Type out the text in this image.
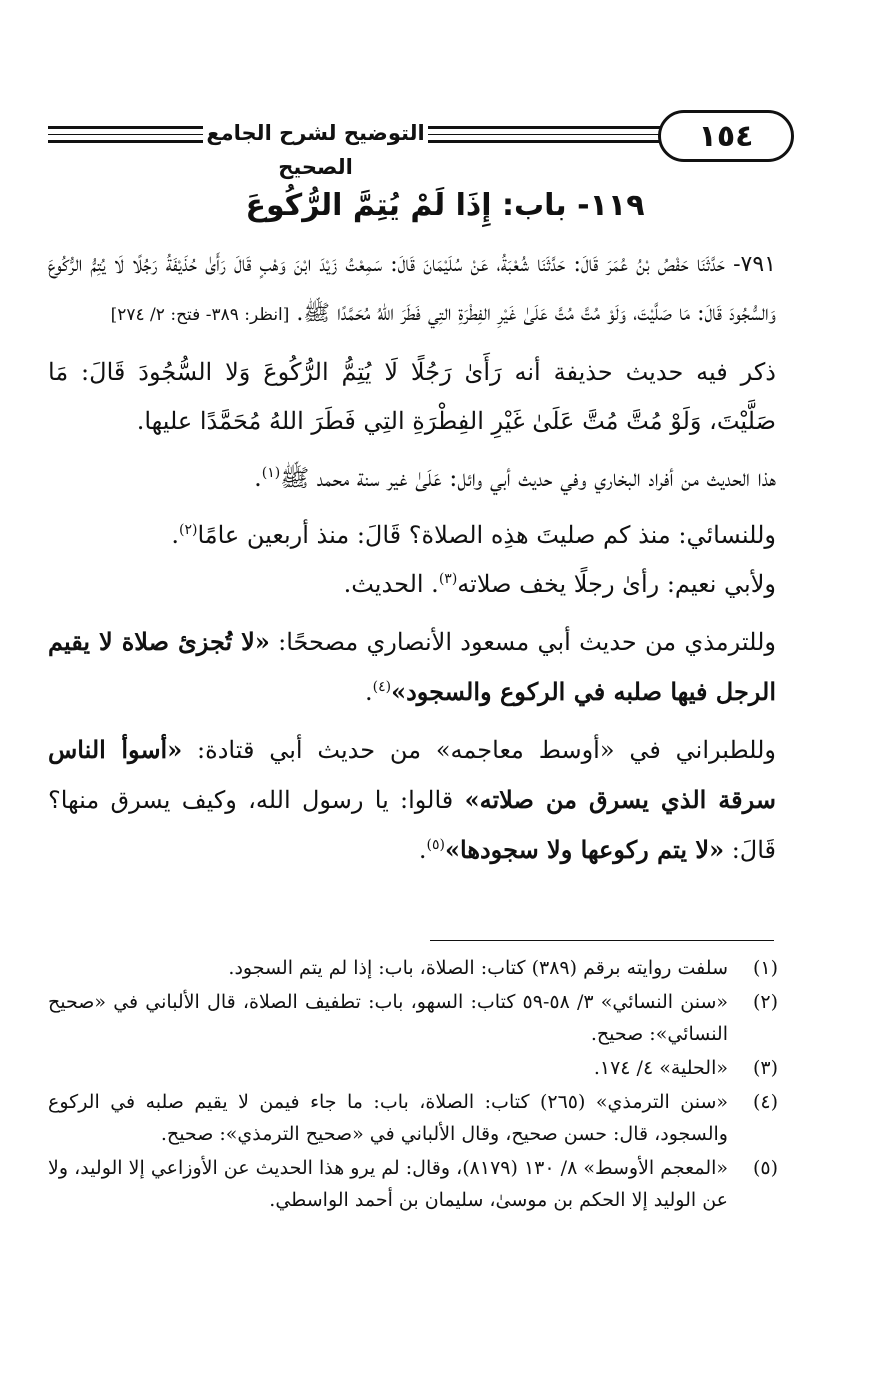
التوضيح لشرح الجامع الصحيح
١٥٤
١١٩- باب: إِذَا لَمْ يُتِمَّ الرُّكُوعَ

٧٩١- حَدَّثَنَا حَفْصُ بْنُ عُمَرَ قَالَ: حَدَّثَنَا شُعْبَةُ، عَنْ سُلَيْمَانَ قَالَ: سَمِعْتُ زَيْدَ ابْنَ وَهْبٍ قَالَ رَأَىٰ حُذَيْفَةُ رَجُلًا لَا يُتِمُّ الرُّكُوعَ وَالسُّجُودَ قَالَ: مَا صَلَّيْتَ، وَلَوْ مُتَّ مُتَّ عَلَىٰ غَيْرِ الفِطْرَةِ التِي فَطَرَ اللهُ مُحَمَّدًا ﷺ. [انظر: ٣٨٩- فتح: ٢/ ٢٧٤]

ذكر فيه حديث حذيفة أنه رَأَىٰ رَجُلًا لَا يُتِمُّ الرُّكُوعَ وَلا السُّجُودَ قَالَ: مَا صَلَّيْتَ، وَلَوْ مُتَّ مُتَّ عَلَىٰ غَيْرِ الفِطْرَةِ التِي فَطَرَ اللهُ مُحَمَّدًا عليها.

هذا الحديث من أفراد البخاري وفي حديث أبي وائل: عَلَىٰ غير سنة محمد ﷺ$^{(١)}$.

وللنسائي: منذ كم صليتَ هذِه الصلاة؟ قَالَ: منذ أربعين عامًا$^{(٢)}$.
ولأبي نعيم: رأىٰ رجلًا يخف صلاته$^{(٣)}$. الحديث.

وللترمذي من حديث أبي مسعود الأنصاري مصححًا: «لا تُجزئ صلاة لا يقيم الرجل فيها صلبه في الركوع والسجود»$^{(٤)}$.

وللطبراني في «أوسط معاجمه» من حديث أبي قتادة: «أسوأ الناس سرقة الذي يسرق من صلاته» قالوا: يا رسول الله، وكيف يسرق منها؟ قَالَ: «لا يتم ركوعها ولا سجودها»$^{(٥)}$.

(١)
سلفت روايته برقم (٣٨٩) كتاب: الصلاة، باب: إذا لم يتم السجود.
(٢)
«سنن النسائي» ٣/ ٥٨-٥٩ كتاب: السهو، باب: تطفيف الصلاة، قال الألباني في «صحيح النسائي»: صحيح.
(٣)
«الحلية» ٤/ ١٧٤.
(٤)
«سنن الترمذي» (٢٦٥) كتاب: الصلاة، باب: ما جاء فيمن لا يقيم صلبه في الركوع والسجود، قال: حسن صحيح، وقال الألباني في «صحيح الترمذي»: صحيح.
(٥)
«المعجم الأوسط» ٨/ ١٣٠ (٨١٧٩)، وقال: لم يرو هذا الحديث عن الأوزاعي إلا الوليد، ولا عن الوليد إلا الحكم بن موسىٰ، سليمان بن أحمد الواسطي.
